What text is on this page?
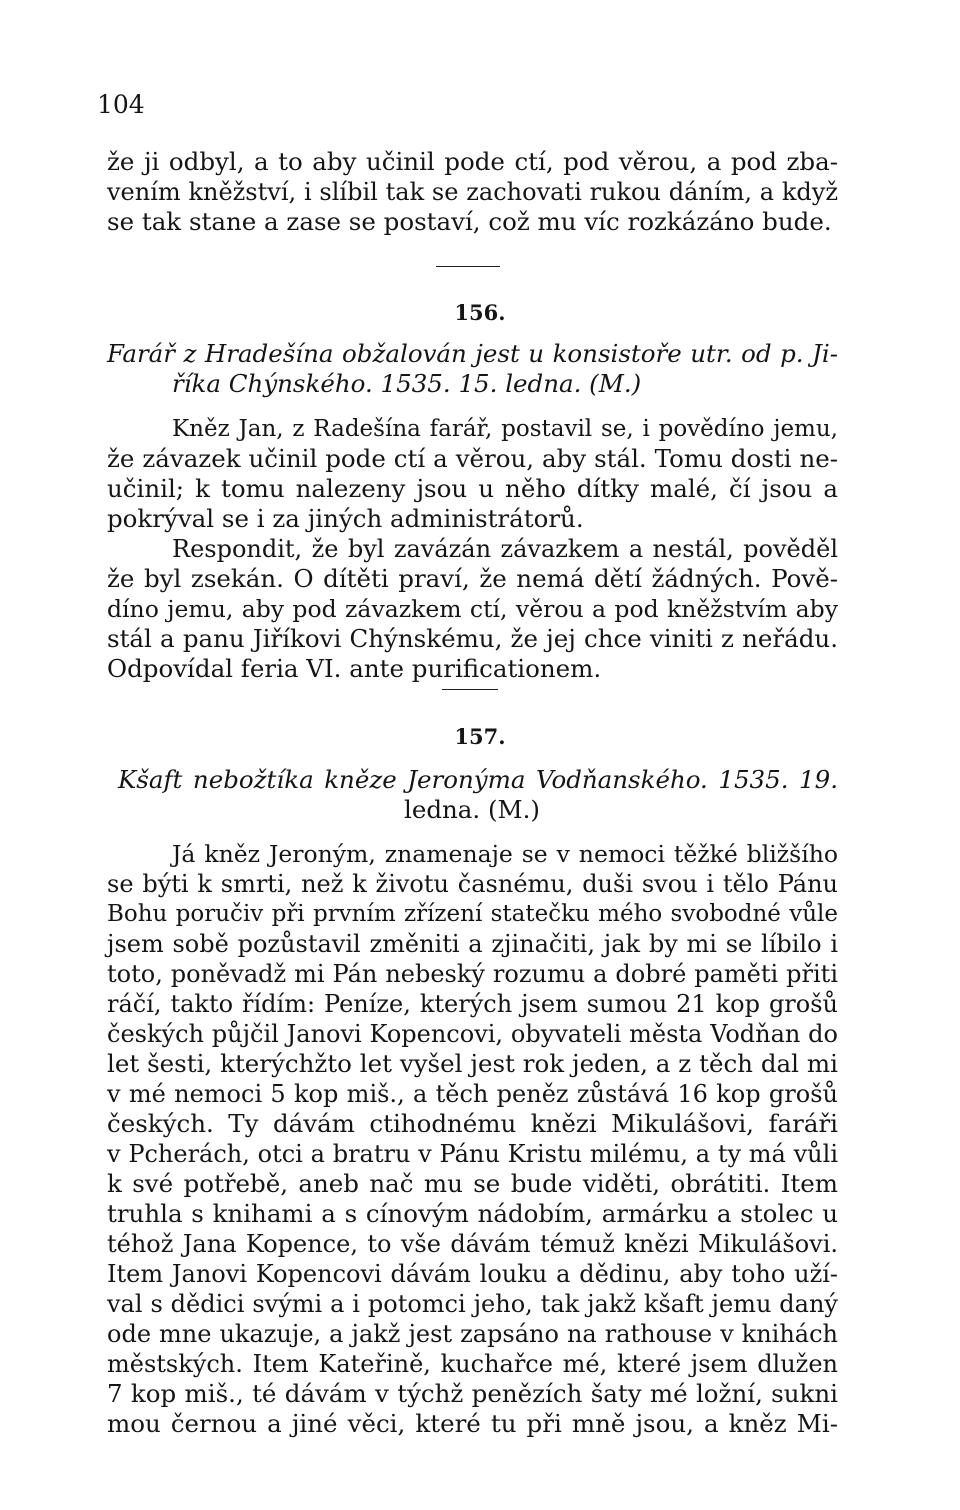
104
že ji odbyl, a to aby učinil pode ctí, pod věrou, a pod zba-
vením kněžství, i slíbil tak se zachovati rukou dáním, a když
se tak stane a zase se postaví, což mu víc rozkázáno bude.
156.
Farář z Hradešína obžalován jest u konsistoře utr. od p. Ji-
říka Chýnského. 1535. 15. ledna. (M.)
Kněz Jan, z Radešína farář, postavil se, i povědíno jemu,
že závazek učinil pode ctí a věrou, aby stál. Tomu dosti ne-
učinil; k tomu nalezeny jsou u něho dítky malé, čí jsou a
pokrýval se i za jiných administrátorů.
Respondit, že byl zavázán závazkem a nestál, pověděl
že byl zsekán. O dítěti praví, že nemá dětí žádných. Pově-
díno jemu, aby pod závazkem ctí, věrou a pod kněžstvím aby
stál a panu Jiříkovi Chýnskému, že jej chce viniti z neřádu.
Odpovídal feria VI. ante purificationem.
157.
Kšaft nebožtíka kněze Jeronýma Vodňanského. 1535. 19.
ledna. (M.)
Já kněz Jeroným, znamenaje se v nemoci těžké bližšího
se býti k smrti, než k životu časnému, duši svou i tělo Pánu
Bohu poručiv při prvním zřízení statečku mého svobodné vůle
jsem sobě pozůstavil změniti a zjinačiti, jak by mi se líbilo i
toto, poněvadž mi Pán nebeský rozumu a dobré paměti přiti
ráčí, takto řídím: Peníze, kterých jsem sumou 21 kop grošů
českých půjčil Janovi Kopencovi, obyvateli města Vodňan do
let šesti, kterýchžto let vyšel jest rok jeden, a z těch dal mi
v mé nemoci 5 kop miš., a těch peněz zůstává 16 kop grošů
českých. Ty dávám ctihodnému knězi Mikulášovi, faráři
v Pcherách, otci a bratru v Pánu Kristu milému, a ty má vůli
k své potřebě, aneb nač mu se bude viděti, obrátiti. Item
truhla s knihami a s cínovým nádobím, armárku a stolec u
téhož Jana Kopence, to vše dávám témuž knězi Mikulášovi.
Item Janovi Kopencovi dávám louku a dědinu, aby toho uží-
val s dědici svými a i potomci jeho, tak jakž kšaft jemu daný
ode mne ukazuje, a jakž jest zapsáno na rathouse v knihách
městských. Item Kateřině, kuchařce mé, které jsem dlužen
7 kop miš., té dávám v týchž penězích šaty mé ložní, sukni
mou černou a jiné věci, které tu při mně jsou, a kněz Mi-
